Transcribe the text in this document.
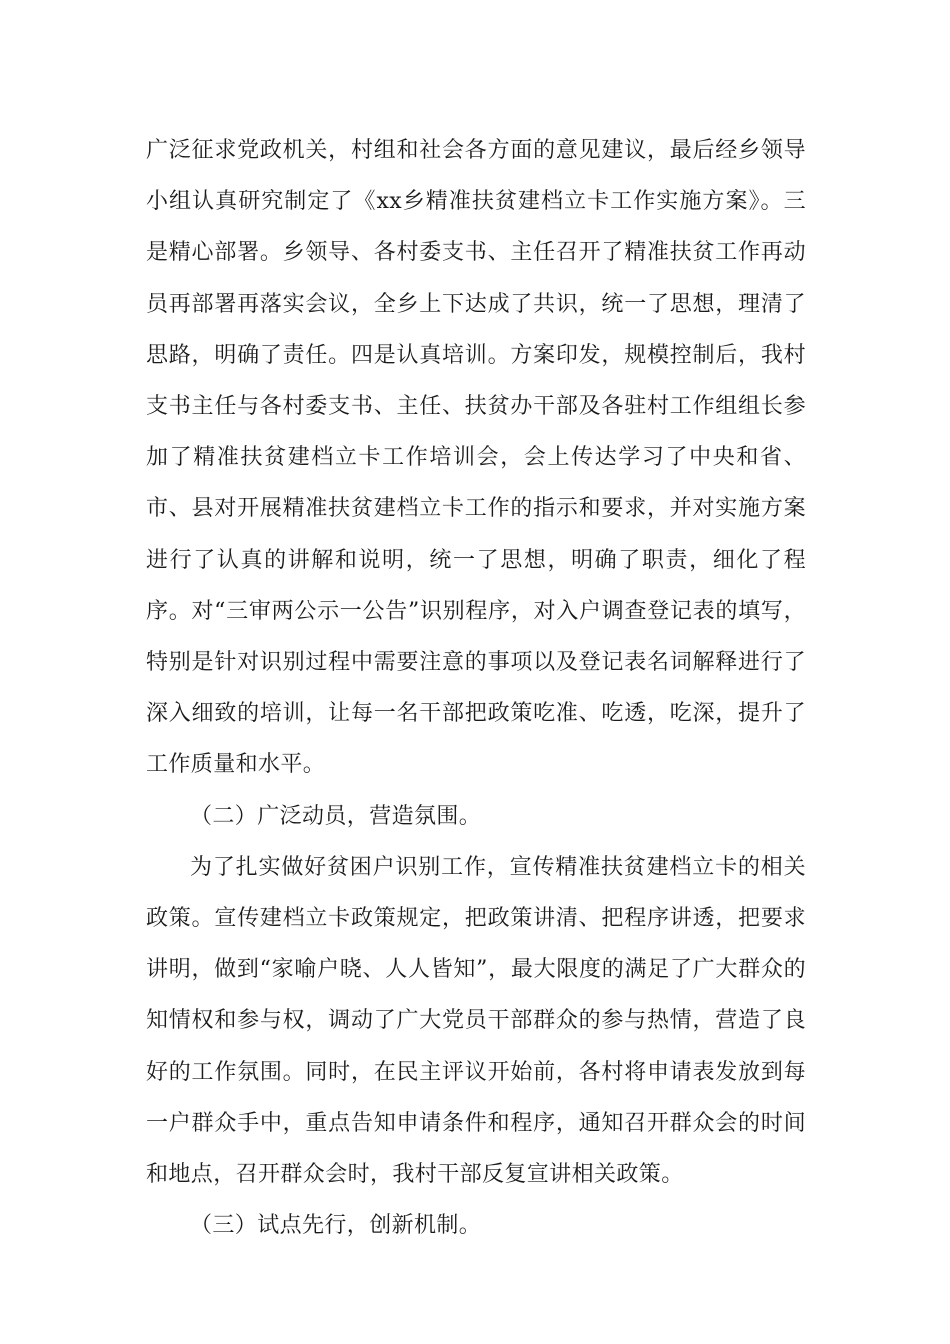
广泛征求党政机关，村组和社会各方面的意见建议，最后经乡领导小组认真研究制定了《xx乡精准扶贫建档立卡工作实施方案》。三是精心部署。乡领导、各村委支书、主任召开了精准扶贫工作再动员再部署再落实会议，全乡上下达成了共识，统一了思想，理清了思路，明确了责任。四是认真培训。方案印发，规模控制后，我村支书主任与各村委支书、主任、扶贫办干部及各驻村工作组组长参加了精准扶贫建档立卡工作培训会，会上传达学习了中央和省、市、县对开展精准扶贫建档立卡工作的指示和要求，并对实施方案进行了认真的讲解和说明，统一了思想，明确了职责，细化了程序。对“三审两公示一公告”识别程序，对入户调查登记表的填写，特别是针对识别过程中需要注意的事项以及登记表名词解释进行了深入细致的培训，让每一名干部把政策吃准、吃透，吃深，提升了工作质量和水平。

（二）广泛动员，营造氛围。

为了扎实做好贫困户识别工作，宣传精准扶贫建档立卡的相关政策。宣传建档立卡政策规定，把政策讲清、把程序讲透，把要求讲明，做到“家喻户晓、人人皆知”，最大限度的满足了广大群众的知情权和参与权，调动了广大党员干部群众的参与热情，营造了良好的工作氛围。同时，在民主评议开始前，各村将申请表发放到每一户群众手中，重点告知申请条件和程序，通知召开群众会的时间和地点，召开群众会时，我村干部反复宣讲相关政策。

（三）试点先行，创新机制。
